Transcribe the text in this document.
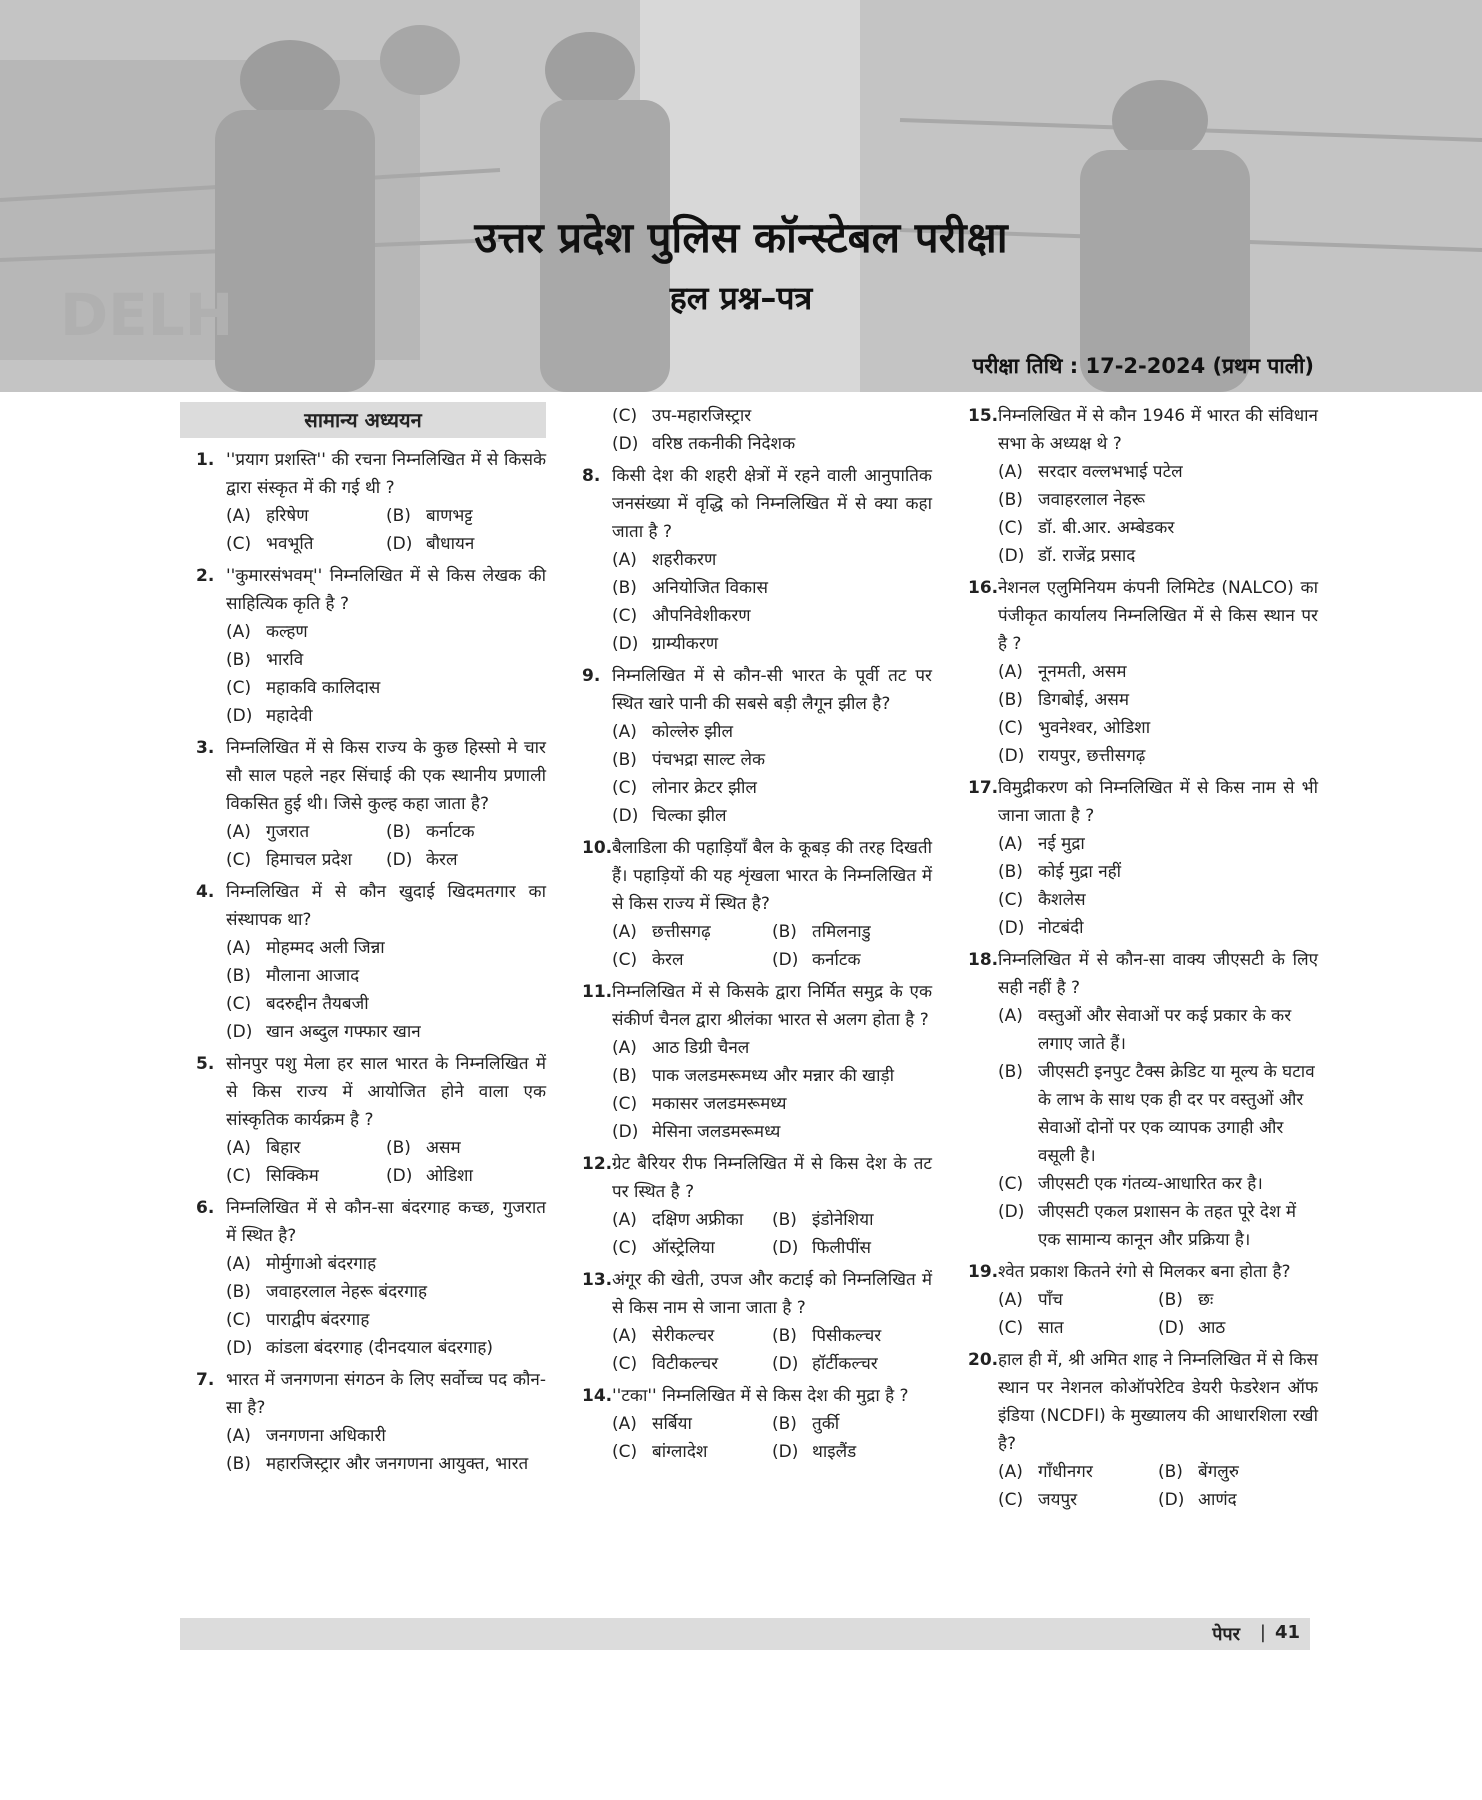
DELH
उत्तर प्रदेश पुलिस कॉन्स्टेबल परीक्षा
हल प्रश्न–पत्र
परीक्षा तिथि : 17-2-2024 (प्रथम पाली)
सामान्य अध्ययन
1. ''प्रयाग प्रशस्ति'' की रचना निम्नलिखित में से किसके द्वारा संस्कृत में की गई थी ?
(A) हरिषेण	(B) बाणभट्ट
(C) भवभूति	(D) बौधायन
2. ''कुमारसंभवम्'' निम्नलिखित में से किस लेखक की साहित्यिक कृति है ?
(A) कल्हण
(B) भारवि
(C) महाकवि कालिदास
(D) महादेवी
3. निम्नलिखित में से किस राज्य के कुछ हिस्सो मे चार सौ साल पहले नहर सिंचाई की एक स्थानीय प्रणाली विकसित हुई थी। जिसे कुल्ह कहा जाता है?
(A) गुजरात	(B) कर्नाटक
(C) हिमाचल प्रदेश	(D) केरल
4. निम्नलिखित में से कौन खुदाई खिदमतगार का संस्थापक था?
(A) मोहम्मद अली जिन्ना
(B) मौलाना आजाद
(C) बदरुद्दीन तैयबजी
(D) खान अब्दुल गफ्फार खान
5. सोनपुर पशु मेला हर साल भारत के निम्नलिखित में से किस राज्य में आयोजित होने वाला एक सांस्कृतिक कार्यक्रम है ?
(A) बिहार	(B) असम
(C) सिक्किम	(D) ओडिशा
6. निम्नलिखित में से कौन-सा बंदरगाह कच्छ, गुजरात में स्थित है?
(A) मोर्मुगाओ बंदरगाह
(B) जवाहरलाल नेहरू बंदरगाह
(C) पाराद्वीप बंदरगाह
(D) कांडला बंदरगाह (दीनदयाल बंदरगाह)
7. भारत में जनगणना संगठन के लिए सर्वोच्च पद कौन-सा है?
(A) जनगणना अधिकारी
(B) महारजिस्ट्रार और जनगणना आयुक्त, भारत
(C) उप-महारजिस्ट्रार
(D) वरिष्ठ तकनीकी निदेशक
8. किसी देश की शहरी क्षेत्रों में रहने वाली आनुपातिक जनसंख्या में वृद्धि को निम्नलिखित में से क्या कहा जाता है ?
(A) शहरीकरण
(B) अनियोजित विकास
(C) औपनिवेशीकरण
(D) ग्राम्यीकरण
9. निम्नलिखित में से कौन-सी भारत के पूर्वी तट पर स्थित खारे पानी की सबसे बड़ी लैगून झील है?
(A) कोल्लेरु झील
(B) पंचभद्रा साल्ट लेक
(C) लोनार क्रेटर झील
(D) चिल्का झील
10. बैलाडिला की पहाड़ियाँ बैल के कूबड़ की तरह दिखती हैं। पहाड़ियों की यह शृंखला भारत के निम्नलिखित में से किस राज्य में स्थित है?
(A) छत्तीसगढ़	(B) तमिलनाडु
(C) केरल	(D) कर्नाटक
11. निम्नलिखित में से किसके द्वारा निर्मित समुद्र के एक संकीर्ण चैनल द्वारा श्रीलंका भारत से अलग होता है ?
(A) आठ डिग्री चैनल
(B) पाक जलडमरूमध्य और मन्नार की खाड़ी
(C) मकासर जलडमरूमध्य
(D) मेसिना जलडमरूमध्य
12. ग्रेट बैरियर रीफ निम्नलिखित में से किस देश के तट पर स्थित है ?
(A) दक्षिण अफ्रीका	(B) इंडोनेशिया
(C) ऑस्ट्रेलिया	(D) फिलीपींस
13. अंगूर की खेती, उपज और कटाई को निम्नलिखित में से किस नाम से जाना जाता है ?
(A) सेरीकल्चर	(B) पिसीकल्चर
(C) विटीकल्चर	(D) हॉर्टीकल्चर
14. ''टका'' निम्नलिखित में से किस देश की मुद्रा है ?
(A) सर्बिया	(B) तुर्की
(C) बांग्लादेश	(D) थाइलैंड
15. निम्नलिखित में से कौन 1946 में भारत की संविधान सभा के अध्यक्ष थे ?
(A) सरदार वल्लभभाई पटेल
(B) जवाहरलाल नेहरू
(C) डॉ. बी.आर. अम्बेडकर
(D) डॉ. राजेंद्र प्रसाद
16. नेशनल एलुमिनियम कंपनी लिमिटेड (NALCO) का पंजीकृत कार्यालय निम्नलिखित में से किस स्थान पर है ?
(A) नूनमती, असम
(B) डिगबोई, असम
(C) भुवनेश्वर, ओडिशा
(D) रायपुर, छत्तीसगढ़
17. विमुद्रीकरण को निम्नलिखित में से किस नाम से भी जाना जाता है ?
(A) नई मुद्रा
(B) कोई मुद्रा नहीं
(C) कैशलेस
(D) नोटबंदी
18. निम्नलिखित में से कौन-सा वाक्य जीएसटी के लिए सही नहीं है ?
(A) वस्तुओं और सेवाओं पर कई प्रकार के कर लगाए जाते हैं।
(B) जीएसटी इनपुट टैक्स क्रेडिट या मूल्य के घटाव के लाभ के साथ एक ही दर पर वस्तुओं और सेवाओं दोनों पर एक व्यापक उगाही और वसूली है।
(C) जीएसटी एक गंतव्य-आधारित कर है।
(D) जीएसटी एकल प्रशासन के तहत पूरे देश में एक सामान्य कानून और प्रक्रिया है।
19. श्वेत प्रकाश कितने रंगो से मिलकर बना होता है?
(A) पाँच	(B) छः
(C) सात	(D) आठ
20. हाल ही में, श्री अमित शाह ने निम्नलिखित में से किस स्थान पर नेशनल कोऑपरेटिव डेयरी फेडरेशन ऑफ इंडिया (NCDFI) के मुख्यालय की आधारशिला रखी है?
(A) गाँधीनगर	(B) बेंगलुरु
(C) जयपुर	(D) आणंद
पेपर | 41
